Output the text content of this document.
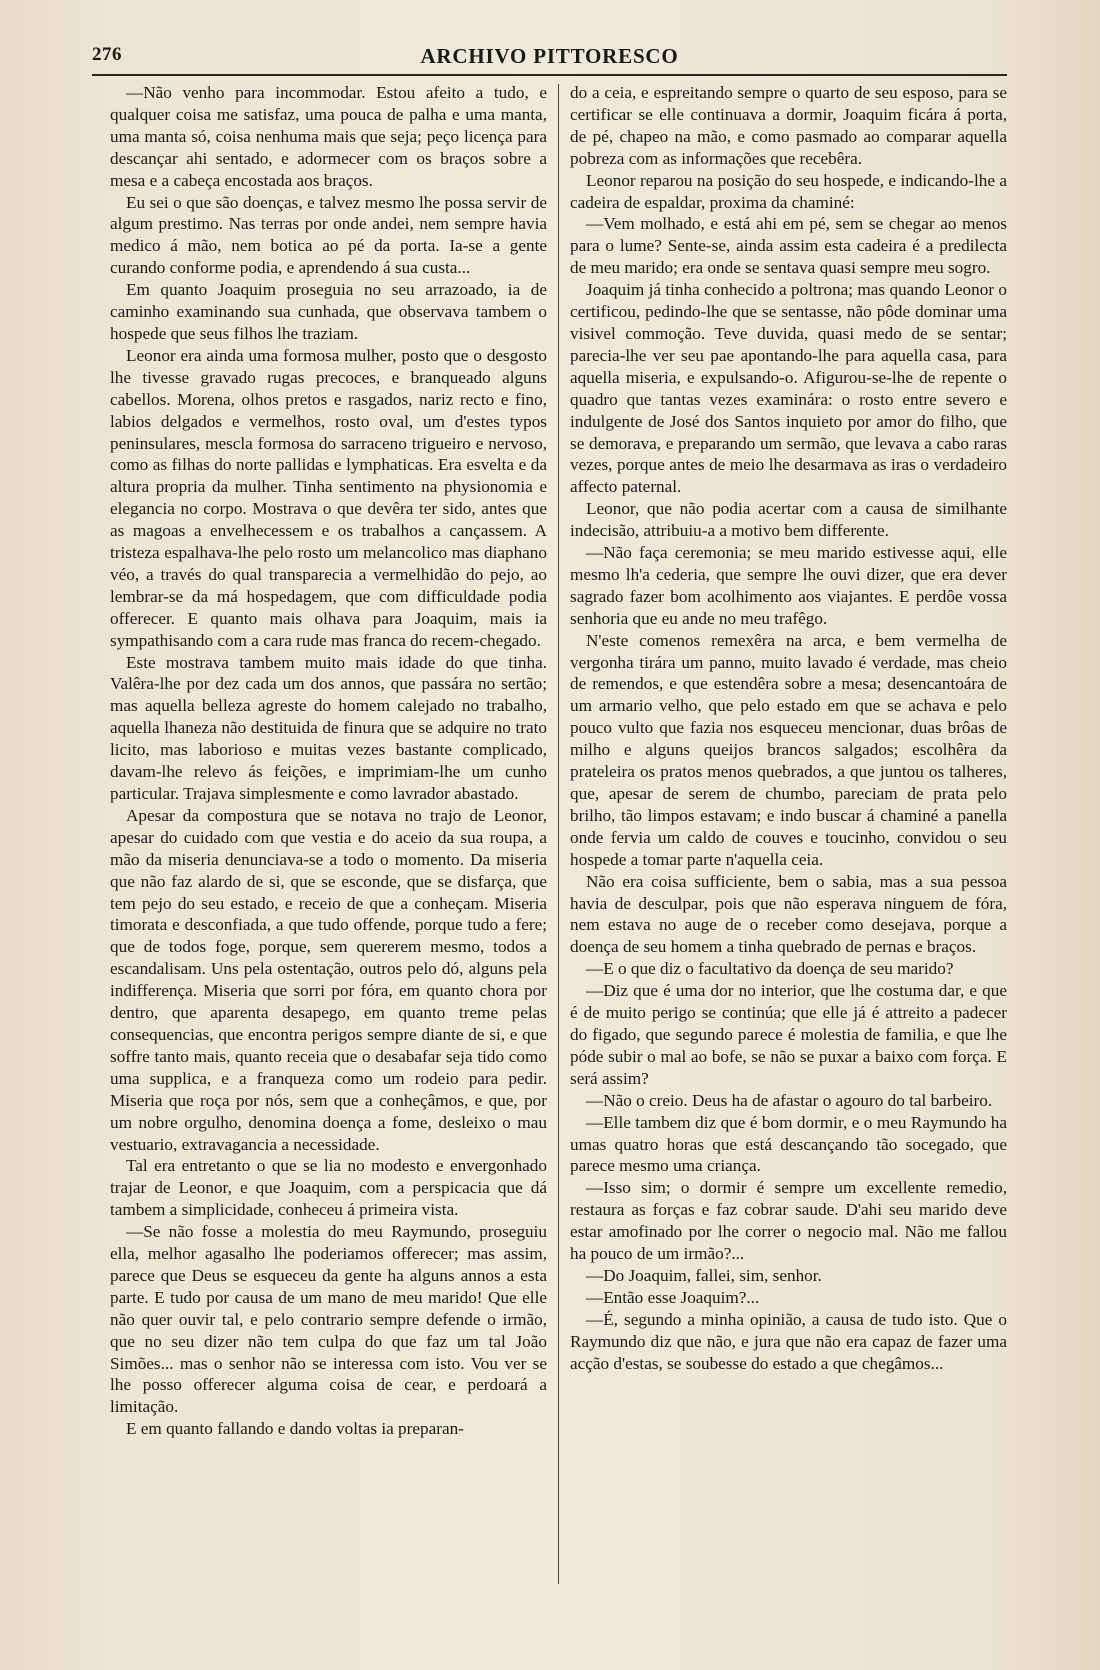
276	ARCHIVO PITTORESCO

—Não venho para incommodar. Estou afeito a tudo, e qualquer coisa me satisfaz, uma pouca de palha e uma manta, uma manta só, coisa nenhuma mais que seja; peço licença para descançar ahi sentado, e adormecer com os braços sobre a mesa e a cabeça encostada aos braços.

Eu sei o que são doenças, e talvez mesmo lhe possa servir de algum prestimo. Nas terras por onde andei, nem sempre havia medico á mão, nem botica ao pé da porta. Ia-se a gente curando conforme podia, e aprendendo á sua custa...

Em quanto Joaquim proseguia no seu arrazoado, ia de caminho examinando sua cunhada, que observava tambem o hospede que seus filhos lhe traziam.

Leonor era ainda uma formosa mulher, posto que o desgosto lhe tivesse gravado rugas precoces, e branqueado alguns cabellos. Morena, olhos pretos e rasgados, nariz recto e fino, labios delgados e vermelhos, rosto oval, um d'estes typos peninsulares, mescla formosa do sarraceno trigueiro e nervoso, como as filhas do norte pallidas e lymphaticas. Era esvelta e da altura propria da mulher. Tinha sentimento na physionomia e elegancia no corpo. Mostrava o que devêra ter sido, antes que as magoas a envelhecessem e os trabalhos a cançassem. A tristeza espalhava-lhe pelo rosto um melancolico mas diaphano véo, a través do qual transparecia a vermelhidão do pejo, ao lembrar-se da má hospedagem, que com difficuldade podia offerecer. E quanto mais olhava para Joaquim, mais ia sympathisando com a cara rude mas franca do recem-chegado.

Este mostrava tambem muito mais idade do que tinha. Valêra-lhe por dez cada um dos annos, que passára no sertão; mas aquella belleza agreste do homem calejado no trabalho, aquella lhaneza não destituida de finura que se adquire no trato licito, mas laborioso e muitas vezes bastante complicado, davam-lhe relevo ás feições, e imprimiam-lhe um cunho particular. Trajava simplesmente e como lavrador abastado.

Apesar da compostura que se notava no trajo de Leonor, apesar do cuidado com que vestia e do aceio da sua roupa, a mão da miseria denunciava-se a todo o momento. Da miseria que não faz alardo de si, que se esconde, que se disfarça, que tem pejo do seu estado, e receio de que a conheçam. Miseria timorata e desconfiada, a que tudo offende, porque tudo a fere; que de todos foge, porque, sem quererem mesmo, todos a escandalisam. Uns pela ostentação, outros pelo dó, alguns pela indifferença. Miseria que sorri por fóra, em quanto chora por dentro, que aparenta desapego, em quanto treme pelas consequencias, que encontra perigos sempre diante de si, e que soffre tanto mais, quanto receia que o desabafar seja tido como uma supplica, e a franqueza como um rodeio para pedir. Miseria que roça por nós, sem que a conheçâmos, e que, por um nobre orgulho, denomina doença a fome, desleixo o mau vestuario, extravagancia a necessidade.

Tal era entretanto o que se lia no modesto e envergonhado trajar de Leonor, e que Joaquim, com a perspicacia que dá tambem a simplicidade, conheceu á primeira vista.

—Se não fosse a molestia do meu Raymundo, proseguiu ella, melhor agasalho lhe poderiamos offerecer; mas assim, parece que Deus se esqueceu da gente ha alguns annos a esta parte. E tudo por causa de um mano de meu marido! Que elle não quer ouvir tal, e pelo contrario sempre defende o irmão, que no seu dizer não tem culpa do que faz um tal João Simões... mas o senhor não se interessa com isto. Vou ver se lhe posso offerecer alguma coisa de cear, e perdoará a limitação.

E em quanto fallando e dando voltas ia preparan-

do a ceia, e espreitando sempre o quarto de seu esposo, para se certificar se elle continuava a dormir, Joaquim ficára á porta, de pé, chapeo na mão, e como pasmado ao comparar aquella pobreza com as informações que recebêra.

Leonor reparou na posição do seu hospede, e indicando-lhe a cadeira de espaldar, proxima da chaminé:

—Vem molhado, e está ahi em pé, sem se chegar ao menos para o lume? Sente-se, ainda assim esta cadeira é a predilecta de meu marido; era onde se sentava quasi sempre meu sogro.

Joaquim já tinha conhecido a poltrona; mas quando Leonor o certificou, pedindo-lhe que se sentasse, não pôde dominar uma visivel commoção. Teve duvida, quasi medo de se sentar; parecia-lhe ver seu pae apontando-lhe para aquella casa, para aquella miseria, e expulsando-o. Afigurou-se-lhe de repente o quadro que tantas vezes examinára: o rosto entre severo e indulgente de José dos Santos inquieto por amor do filho, que se demorava, e preparando um sermão, que levava a cabo raras vezes, porque antes de meio lhe desarmava as iras o verdadeiro affecto paternal.

Leonor, que não podia acertar com a causa de similhante indecisão, attribuiu-a a motivo bem differente.

—Não faça ceremonia; se meu marido estivesse aqui, elle mesmo lh'a cederia, que sempre lhe ouvi dizer, que era dever sagrado fazer bom acolhimento aos viajantes. E perdôe vossa senhoria que eu ande no meu trafêgo.

N'este comenos remexêra na arca, e bem vermelha de vergonha tirára um panno, muito lavado é verdade, mas cheio de remendos, e que estendêra sobre a mesa; desencantoára de um armario velho, que pelo estado em que se achava e pelo pouco vulto que fazia nos esqueceu mencionar, duas brôas de milho e alguns queijos brancos salgados; escolhêra da prateleira os pratos menos quebrados, a que juntou os talheres, que, apesar de serem de chumbo, pareciam de prata pelo brilho, tão limpos estavam; e indo buscar á chaminé a panella onde fervia um caldo de couves e toucinho, convidou o seu hospede a tomar parte n'aquella ceia.

Não era coisa sufficiente, bem o sabia, mas a sua pessoa havia de desculpar, pois que não esperava ninguem de fóra, nem estava no auge de o receber como desejava, porque a doença de seu homem a tinha quebrado de pernas e braços.

—E o que diz o facultativo da doença de seu marido?

—Diz que é uma dor no interior, que lhe costuma dar, e que é de muito perigo se continúa; que elle já é attreito a padecer do figado, que segundo parece é molestia de familia, e que lhe póde subir o mal ao bofe, se não se puxar a baixo com força. E será assim?

—Não o creio. Deus ha de afastar o agouro do tal barbeiro.

—Elle tambem diz que é bom dormir, e o meu Raymundo ha umas quatro horas que está descançando tão socegado, que parece mesmo uma criança.

—Isso sim; o dormir é sempre um excellente remedio, restaura as forças e faz cobrar saude. D'ahi seu marido deve estar amofinado por lhe correr o negocio mal. Não me fallou ha pouco de um irmão?...

—Do Joaquim, fallei, sim, senhor.

—Então esse Joaquim?...

—É, segundo a minha opinião, a causa de tudo isto. Que o Raymundo diz que não, e jura que não era capaz de fazer uma acção d'estas, se soubesse do estado a que chegâmos...
